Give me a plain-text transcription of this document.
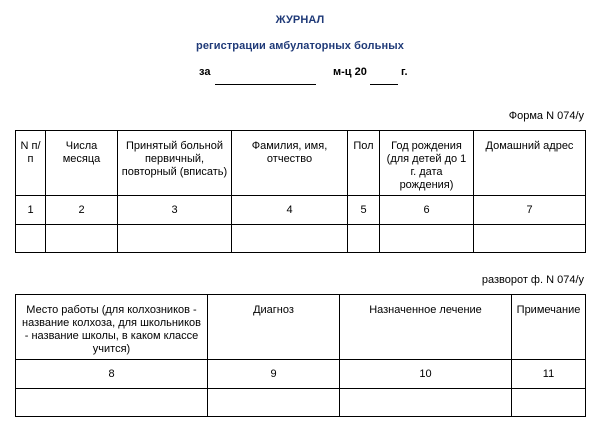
ЖУРНАЛ
регистрации амбулаторных больных
за	м-ц 20	г.
Форма N 074/у
N п/п	Числа месяца	Принятый больной первичный, повторный (вписать)	Фамилия, имя, отчество	Пол	Год рождения (для детей до 1 г. дата рождения)	Домашний адрес
1	2	3	4	5	6	7

разворот ф. N 074/у
Место работы (для колхозников - название колхоза, для школьников - название школы, в каком классе учится)	Диагноз	Назначенное лечение	Примечание
8	9	10	11
